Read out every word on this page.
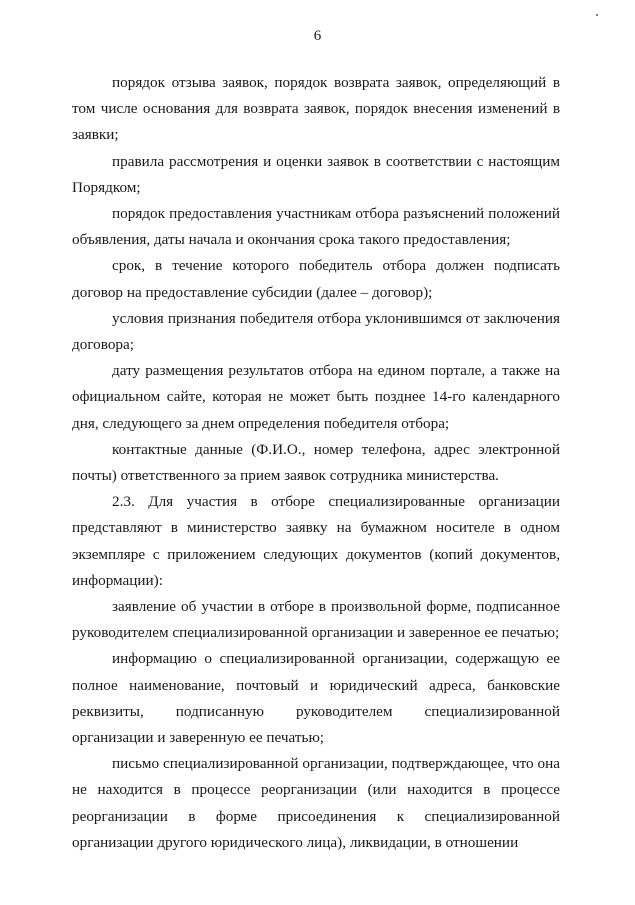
6

порядок отзыва заявок, порядок возврата заявок, определяющий в том числе основания для возврата заявок, порядок внесения изменений в заявки;

правила рассмотрения и оценки заявок в соответствии с настоящим Порядком;

порядок предоставления участникам отбора разъяснений положений объявления, даты начала и окончания срока такого предоставления;

срок, в течение которого победитель отбора должен подписать договор на предоставление субсидии (далее – договор);

условия признания победителя отбора уклонившимся от заключения договора;

дату размещения результатов отбора на едином портале, а также на официальном сайте, которая не может быть позднее 14-го календарного дня, следующего за днем определения победителя отбора;

контактные данные (Ф.И.О., номер телефона, адрес электронной почты) ответственного за прием заявок сотрудника министерства.

2.3. Для участия в отборе специализированные организации представляют в министерство заявку на бумажном носителе в одном экземпляре с приложением следующих документов (копий документов, информации):

заявление об участии в отборе в произвольной форме, подписанное руководителем специализированной организации и заверенное ее печатью;

информацию о специализированной организации, содержащую ее полное наименование, почтовый и юридический адреса, банковские реквизиты, подписанную руководителем специализированной организации и заверенную ее печатью;

письмо специализированной организации, подтверждающее, что она не находится в процессе реорганизации (или находится в процессе реорганизации в форме присоединения к специализированной организации другого юридического лица), ликвидации, в отношении
